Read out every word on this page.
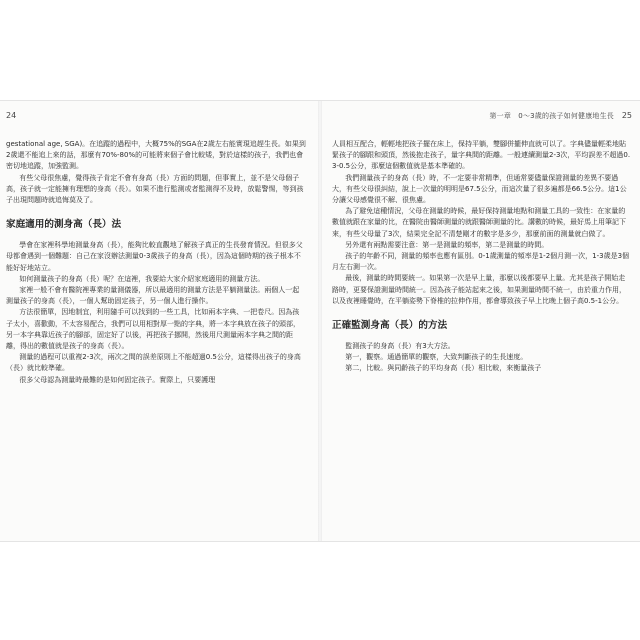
24

gestational age, SGA)。在追蹤的過程中，大概75%的SGA在2歲左右能實現追趕生長。如果到2歲還不能追上來的話，那麼有70%-80%的可能將來個子會比較矮，對於這樣的孩子，我們也會密切地追蹤，加強監測。

有些父母很焦慮，覺得孩子肯定不會有身高（長）方面的問題，但事實上，並不是父母個子高，孩子就一定能擁有理想的身高（長）。如果不進行監測或者監測得不及時，放鬆警惕，等到孩子出現問題時就追悔莫及了。

家庭適用的測身高（長）法

學會在家裡科學地測量身高（長），能夠比較直觀地了解孩子真正的生長發育情況。但很多父母都會遇到一個難題：自己在家沒辦法測量0-3歲孩子的身高（長），因為這個時期的孩子根本不能好好地站立。

如何測量孩子的身高（長）呢？在這裡，我要給大家介紹家庭適用的測量方法。

家裡一般不會有醫院裡專業的量測儀器，所以最適用的測量方法是平躺測量法。兩個人一起測量孩子的身高（長），一個人幫助固定孩子，另一個人進行操作。

方法很簡單，因地制宜，利用隨手可以找到的一些工具，比如兩本字典、一把卷尺。因為孩子太小，喜歡動，不太容易配合，我們可以用相對厚一點的字典，將一本字典放在孩子的頭部，另一本字典靠近孩子的腳部，固定好了以後，再把孩子挪開，然後用尺測量兩本字典之間的距離，得出的數值就是孩子的身高（長）。

測量的過程可以重複2-3次，兩次之間的誤差原則上不能超過0.5公分，這樣得出孩子的身高（長）就比較準確。

很多父母認為測量時最難的是如何固定孩子。實際上，只要護理

第一章　0～3歲的孩子如何健康地生長 25

人員相互配合，輕輕地把孩子擺在床上，保持平躺，雙腳併攏伸直就可以了。字典儘量輕柔地貼緊孩子的腳跟和頭頂，然後抱走孩子，量字典間的距離。一般連續測量2-3次，平均誤差不超過0.3-0.5公分，那麼這個數值就是基本準確的。

我們測量孩子的身高（長）時，不一定要非常精準，但通常要儘量保證測量的差異不要過大，有些父母很糾結，說上一次量的明明是67.5公分，而這次量了很多遍都是66.5公分。這1公分讓父母感覺很不解、很焦慮。

為了避免這種情況，父母在測量的時候，最好保持測量地點和測量工具的一致性：在家量的數值就跟在家量的比，在醫院由醫師測量的就跟醫師測量的比。講數的時候，最好馬上用筆記下來，有些父母量了3次，結果完全記不清楚剛才的數字是多少，那麼前面的測量就白做了。

另外還有兩點需要注意：第一是測量的頻率，第二是測量的時間。

孩子的年齡不同，測量的頻率也應有區別。0-1歲測量的頻率是1-2個月測一次，1-3歲是3個月左右測一次。

最後，測量的時間要統一。如果第一次是早上量，那麼以後都要早上量。尤其是孩子開始走路時，更要保證測量時間統一。因為孩子能站起來之後，如果測量時間不統一，由於重力作用，以及夜裡睡覺時，在平躺姿勢下脊椎的拉伸作用，都會導致孩子早上比晚上個子高0.5-1公分。

正確監測身高（長）的方法

監測孩子的身高（長）有3大方法。

第一，觀察。通過簡單的觀察，大致判斷孩子的生長速度。

第二，比較。與同齡孩子的平均身高（長）相比較，來衡量孩子
